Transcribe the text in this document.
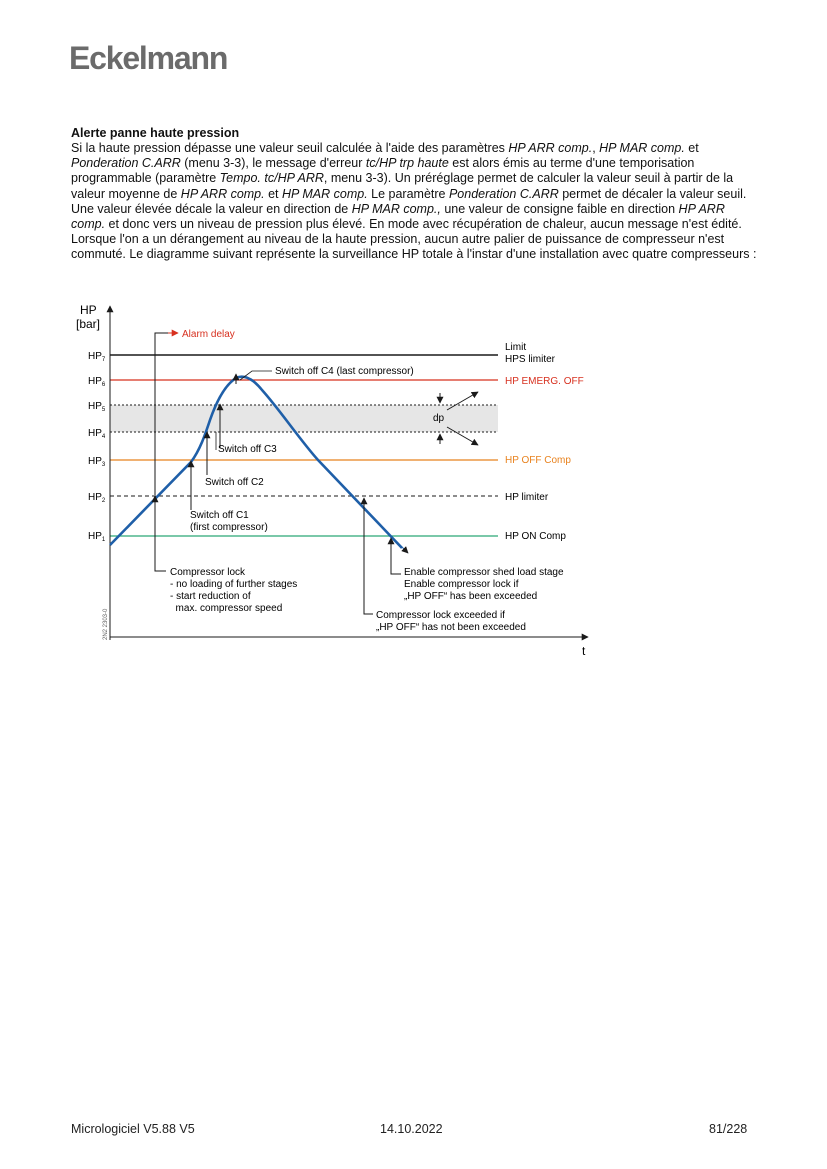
Eckelmann
Alerte panne haute pression
Si la haute pression dépasse une valeur seuil calculée à l'aide des paramètres HP ARR comp., HP MAR comp. et Ponderation C.ARR (menu 3-3), le message d'erreur tc/HP trp haute est alors émis au terme d'une temporisation programmable (paramètre Tempo. tc/HP ARR, menu 3-3). Un préréglage permet de calculer la valeur seuil à partir de la valeur moyenne de HP ARR comp. et HP MAR comp. Le paramètre Ponderation C.ARR permet de décaler la valeur seuil. Une valeur élevée décale la valeur en direction de HP MAR comp., une valeur de consigne faible en direction HP ARR comp. et donc vers un niveau de pression plus élevé. En mode avec récupération de chaleur, aucun message n'est édité. Lorsque l'on a un dérangement au niveau de la haute pression, aucun autre palier de puissance de compresseur n'est commuté. Le diagramme suivant représente la surveillance HP totale à l'instar d'une installation avec quatre compresseurs :
HP
[bar]
t
$HP_7$
$HP_6$
$HP_5$
$HP_4$
$HP_3$
$HP_2$
$HP_1$
Limit
HPS limiter
HP EMERG. OFF
HP OFF Comp
HP limiter
HP ON Comp
dp
Alarm delay
Switch off C4 (last compressor)
Switch off C3
Switch off C2
Switch off C1
(first compressor)
Compressor lock
- no loading of further stages
- start reduction of
max. compressor speed
Enable compressor shed load stage
Enable compressor lock if
„HP OFF“ has been exceeded
Compressor lock exceeded if
„HP OFF“ has not been exceeded
2N2 2303-0
Micrologiciel V5.88 V5	14.10.2022	81/228
